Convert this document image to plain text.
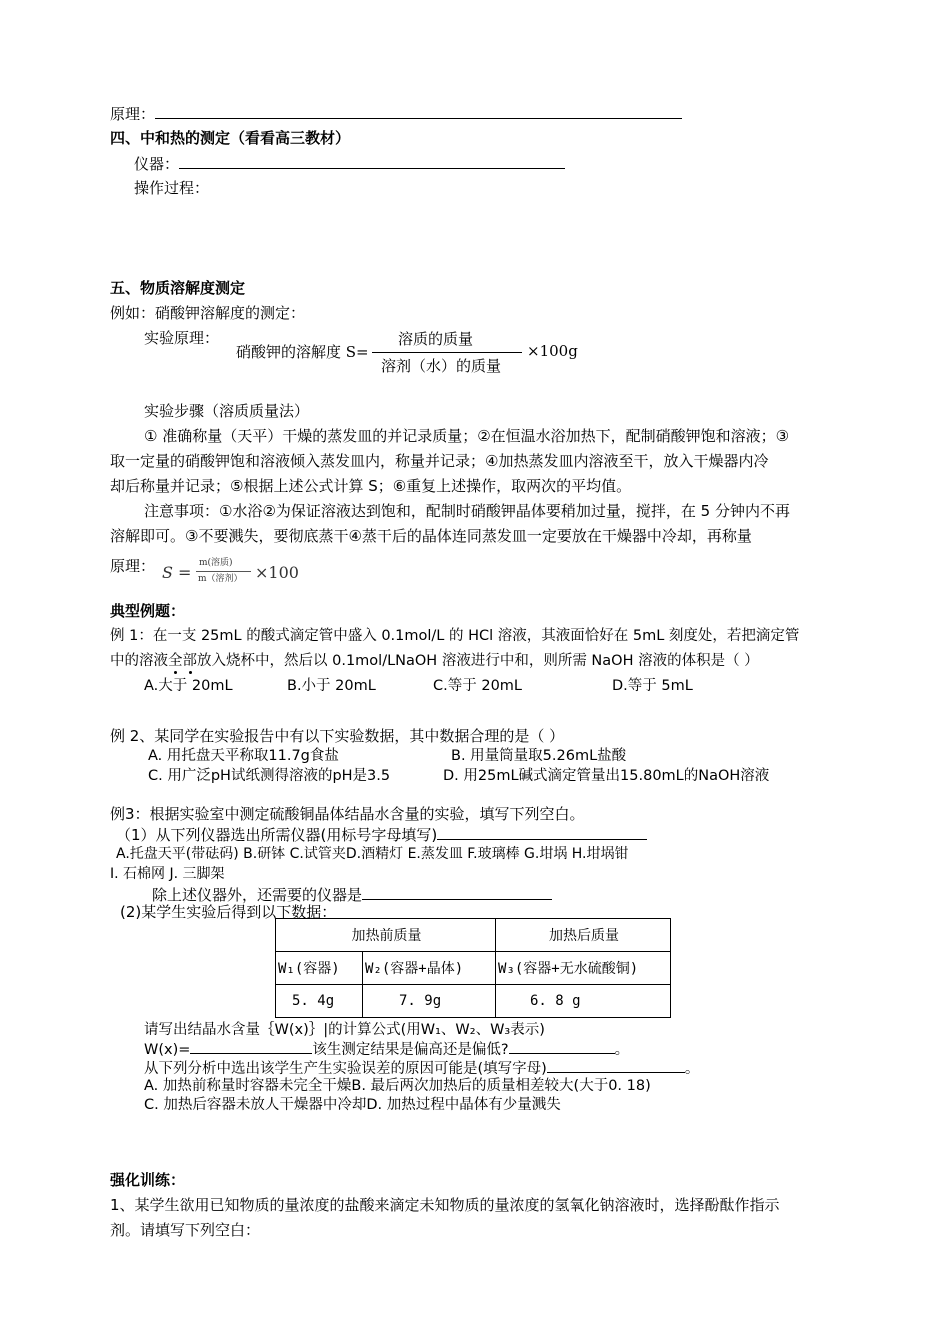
原理：
四、中和热的测定（看看高三教材）
仪器：
操作过程：
五、物质溶解度测定
例如：硝酸钾溶解度的测定：
实验原理：
硝酸钾的溶解度 S=
溶质的质量
溶剂（水）的质量
×100g
实验步骤（溶质质量法）
① 准确称量（天平）干燥的蒸发皿的并记录质量；②在恒温水浴加热下，配制硝酸钾饱和溶液；③
取一定量的硝酸钾饱和溶液倾入蒸发皿内，称量并记录；④加热蒸发皿内溶液至干，放入干燥器内冷
却后称量并记录；⑤根据上述公式计算 S；⑥重复上述操作，取两次的平均值。
注意事项：①水浴②为保证溶液达到饱和，配制时硝酸钾晶体要稍加过量，搅拌，在 5 分钟内不再
溶解即可。③不要溅失，要彻底蒸干④蒸干后的晶体连同蒸发皿一定要放在干燥器中冷却，再称量
原理： S = m(溶质)
m（溶剂） ×100
典型例题：
例 1：在一支 25mL 的酸式滴定管中盛入 0.1mol/L 的 HCl 溶液，其液面恰好在 5mL 刻度处，若把滴定管
中的溶液全部
放入烧杯中，然后以 0.1mol/LNaOH 溶液进行中和，则所需 NaOH 溶液的体积是（ ）
A.大于 20mL	B.小于 20mL	C.等于 20mL	D.等于 5mL
例 2、某同学在实验报告中有以下实验数据，其中数据合理的是（ ）
A. 用托盘天平称取11.7g食盐	B. 用量筒量取5.26mL盐酸
C. 用广泛pH试纸测得溶液的pH是3.5	D. 用25mL碱式滴定管量出15.80mL的NaOH溶液
例3：根据实验室中测定硫酸铜晶体结晶水含量的实验，填写下列空白。
（1）从下列仪器选出所需仪器(用标号字母填写)
A.托盘天平(带砝码) B.研钵 C.试管夹D.酒精灯 E.蒸发皿 F.玻璃棒 G.坩埚 H.坩埚钳
I. 石棉网 J. 三脚架
除上述仪器外，还需要的仪器是
(2)某学生实验后得到以下数据：
加热前质量		加热后质量
W₁(容器)	W₂(容器+晶体)	W₃(容器+无水硫酸铜)
5. 4g	7. 9g	6. 8 g
请写出结晶水含量｛W(x)｝|的计算公式(用W₁、W₂、W₃表示)
W(x)=	该生测定结果是偏高还是偏低?	。
从下列分析中选出该学生产生实验误差的原因可能是(填写字母)	。
A. 加热前称量时容器未完全干燥B. 最后两次加热后的质量相差较大(大于0. 18)
C. 加热后容器未放人干燥器中冷却D. 加热过程中晶体有少量溅失
强化训练：
1、某学生欲用已知物质的量浓度的盐酸来滴定未知物质的量浓度的氢氧化钠溶液时，选择酚酞作指示
剂。请填写下列空白：
